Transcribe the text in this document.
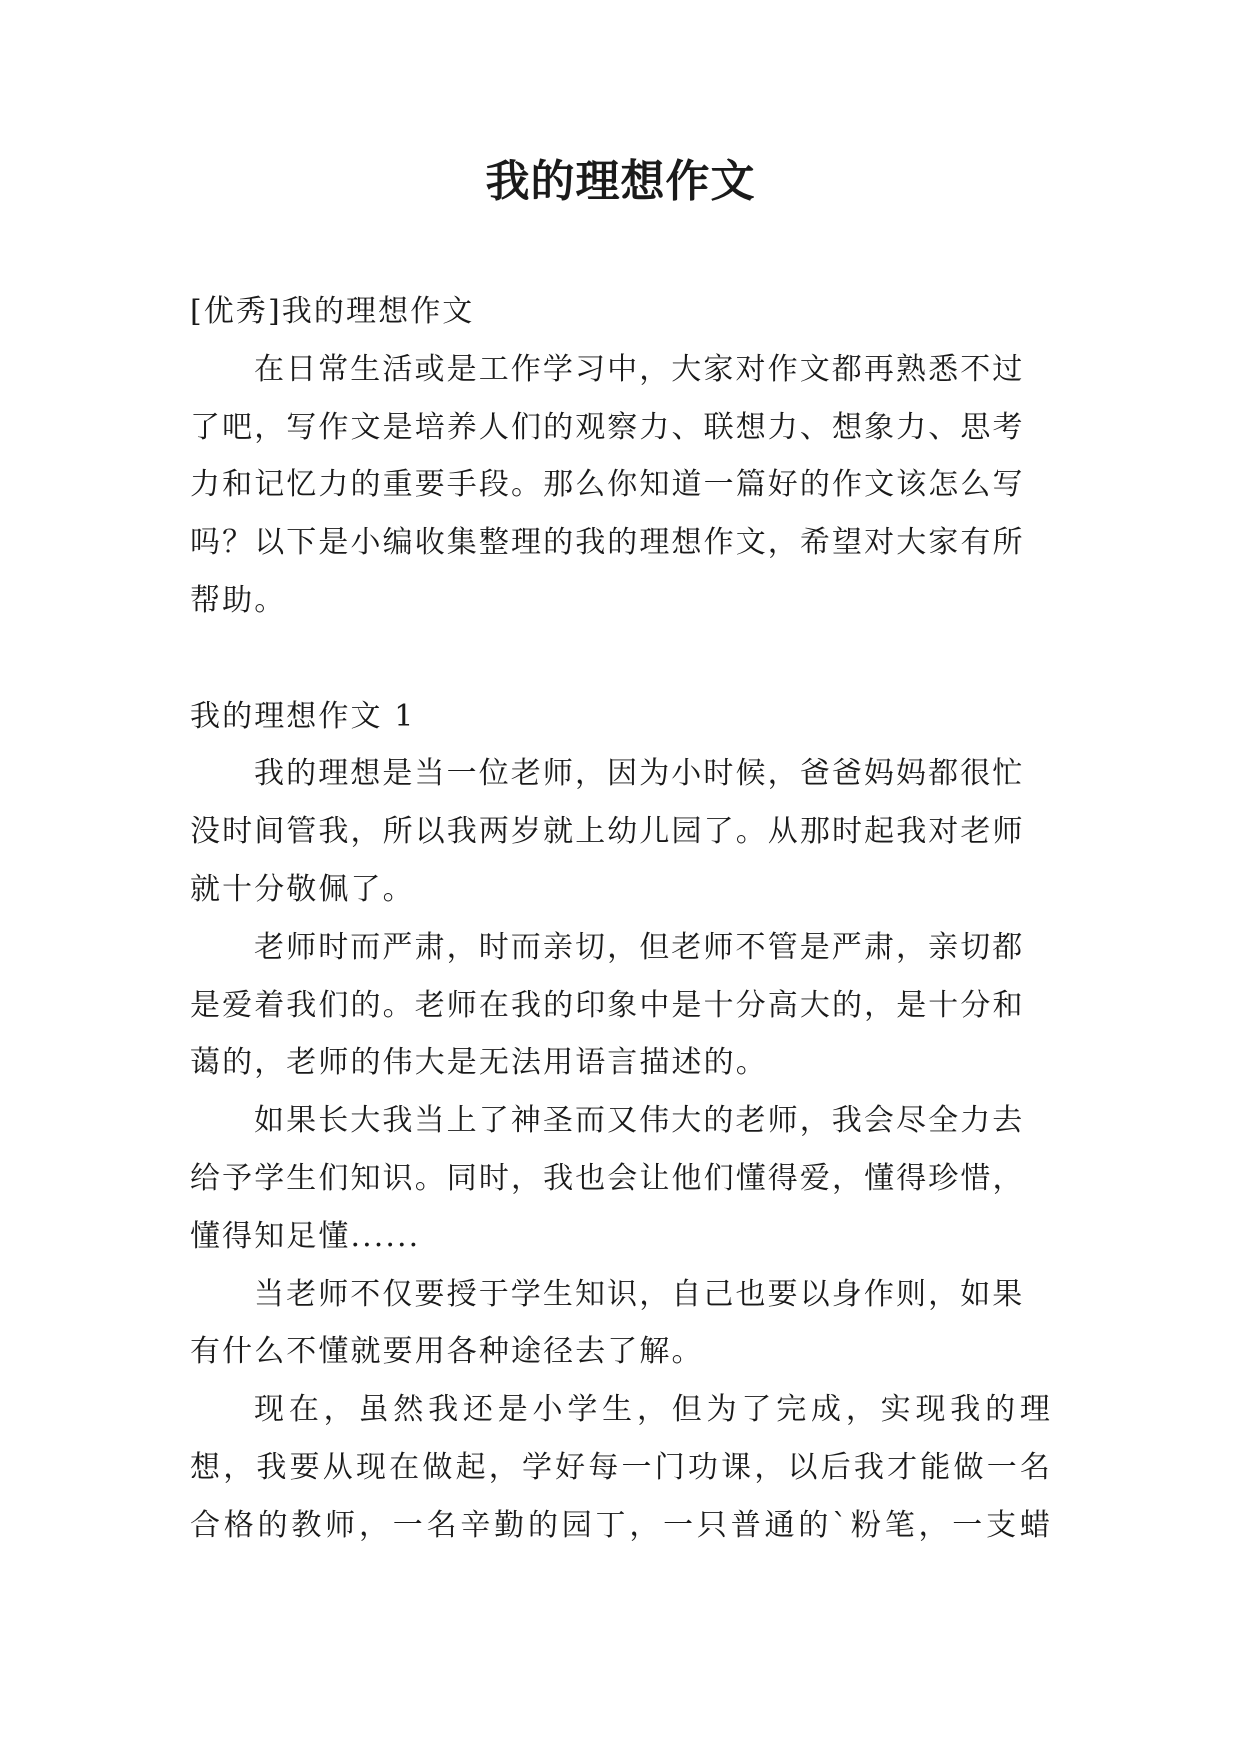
我的理想作文

[优秀]我的理想作文

在日常生活或是工作学习中，大家对作文都再熟悉不过了吧，写作文是培养人们的观察力、联想力、想象力、思考力和记忆力的重要手段。那么你知道一篇好的作文该怎么写吗？以下是小编收集整理的我的理想作文，希望对大家有所帮助。

我的理想作文 1

我的理想是当一位老师，因为小时候，爸爸妈妈都很忙没时间管我，所以我两岁就上幼儿园了。从那时起我对老师就十分敬佩了。

老师时而严肃，时而亲切，但老师不管是严肃，亲切都是爱着我们的。老师在我的印象中是十分高大的，是十分和蔼的，老师的伟大是无法用语言描述的。

如果长大我当上了神圣而又伟大的老师，我会尽全力去给予学生们知识。同时，我也会让他们懂得爱，懂得珍惜，懂得知足懂......

当老师不仅要授于学生知识，自己也要以身作则，如果有什么不懂就要用各种途径去了解。

现在，虽然我还是小学生，但为了完成，实现我的理想，我要从现在做起，学好每一门功课，以后我才能做一名合格的教师，一名辛勤的园丁，一只普通的`粉笔，一支蜡
